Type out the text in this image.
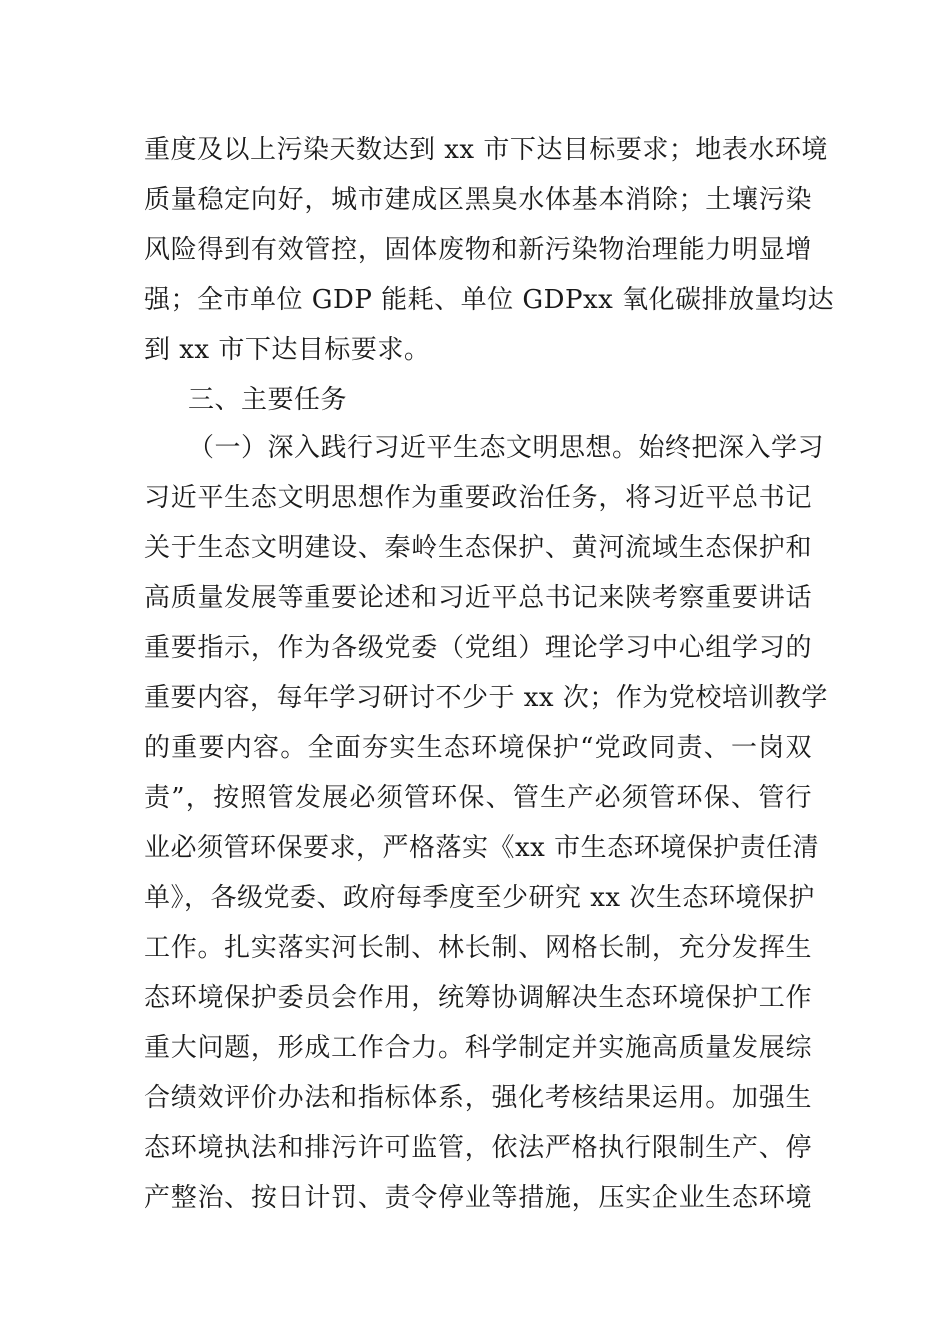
重度及以上污染天数达到 xx 市下达目标要求；地表水环境
质量稳定向好，城市建成区黑臭水体基本消除；土壤污染
风险得到有效管控，固体废物和新污染物治理能力明显增
强；全市单位 GDP 能耗、单位 GDPxx 氧化碳排放量均达
到 xx 市下达目标要求。
三、主要任务
（一）深入践行习近平生态文明思想。始终把深入学习
习近平生态文明思想作为重要政治任务，将习近平总书记
关于生态文明建设、秦岭生态保护、黄河流域生态保护和
高质量发展等重要论述和习近平总书记来陕考察重要讲话
重要指示，作为各级党委（党组）理论学习中心组学习的
重要内容，每年学习研讨不少于 xx 次；作为党校培训教学
的重要内容。全面夯实生态环境保护“党政同责、一岗双
责”，按照管发展必须管环保、管生产必须管环保、管行
业必须管环保要求，严格落实《xx 市生态环境保护责任清
单》，各级党委、政府每季度至少研究 xx 次生态环境保护
工作。扎实落实河长制、林长制、网格长制，充分发挥生
态环境保护委员会作用，统筹协调解决生态环境保护工作
重大问题，形成工作合力。科学制定并实施高质量发展综
合绩效评价办法和指标体系，强化考核结果运用。加强生
态环境执法和排污许可监管，依法严格执行限制生产、停
产整治、按日计罚、责令停业等措施，压实企业生态环境
